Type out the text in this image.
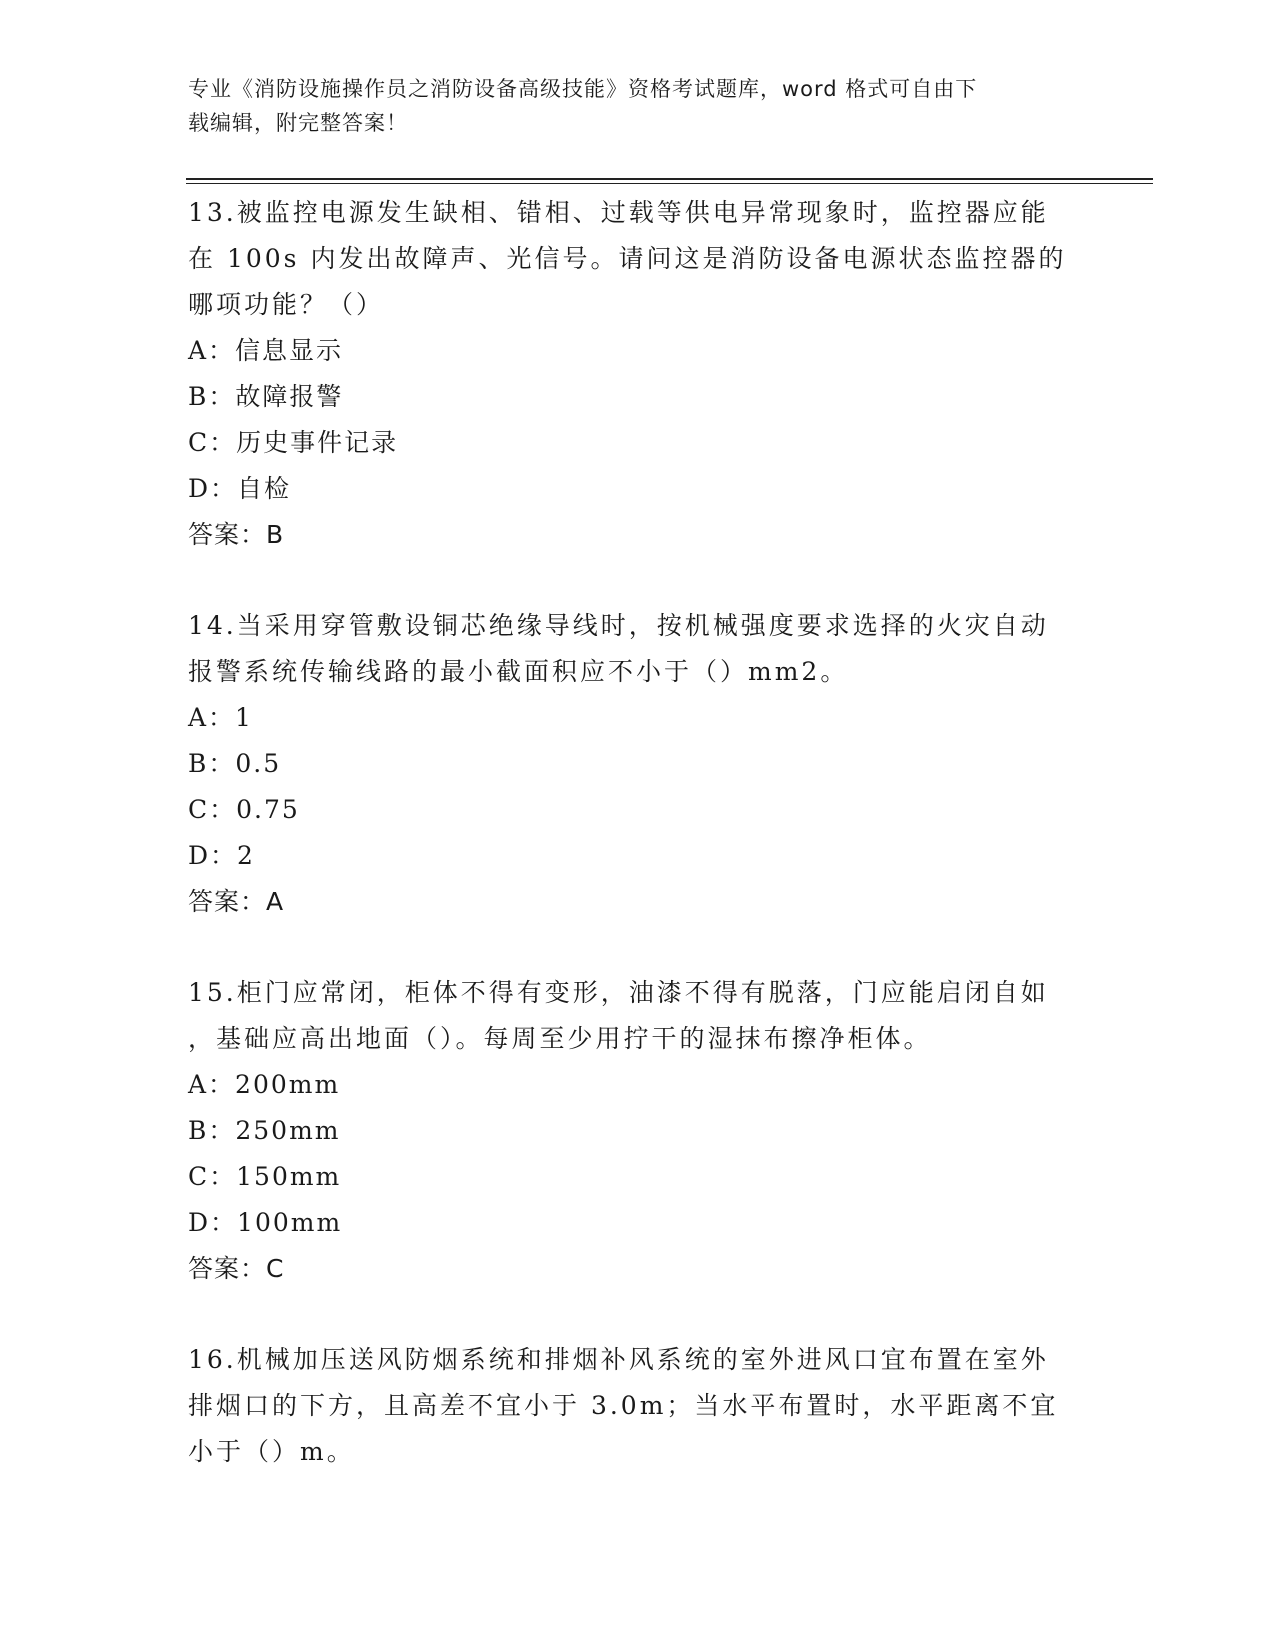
专业《消防设施操作员之消防设备高级技能》资格考试题库，word 格式可自由下
载编辑，附完整答案！

13.被监控电源发生缺相、错相、过载等供电异常现象时，监控器应能

在 100s 内发出故障声、光信号。请问这是消防设备电源状态监控器的

哪项功能？（）

A：信息显示

B：故障报警

C：历史事件记录

D：自检

答案：B

14.当采用穿管敷设铜芯绝缘导线时，按机械强度要求选择的火灾自动

报警系统传输线路的最小截面积应不小于（）mm2。

A：1

B：0.5

C：0.75

D：2

答案：A

15.柜门应常闭，柜体不得有变形，油漆不得有脱落，门应能启闭自如

，基础应高出地面（）。每周至少用拧干的湿抹布擦净柜体。

A：200mm

B：250mm

C：150mm

D：100mm

答案：C

16.机械加压送风防烟系统和排烟补风系统的室外进风口宜布置在室外

排烟口的下方，且高差不宜小于 3.0m；当水平布置时，水平距离不宜

小于（）m。
